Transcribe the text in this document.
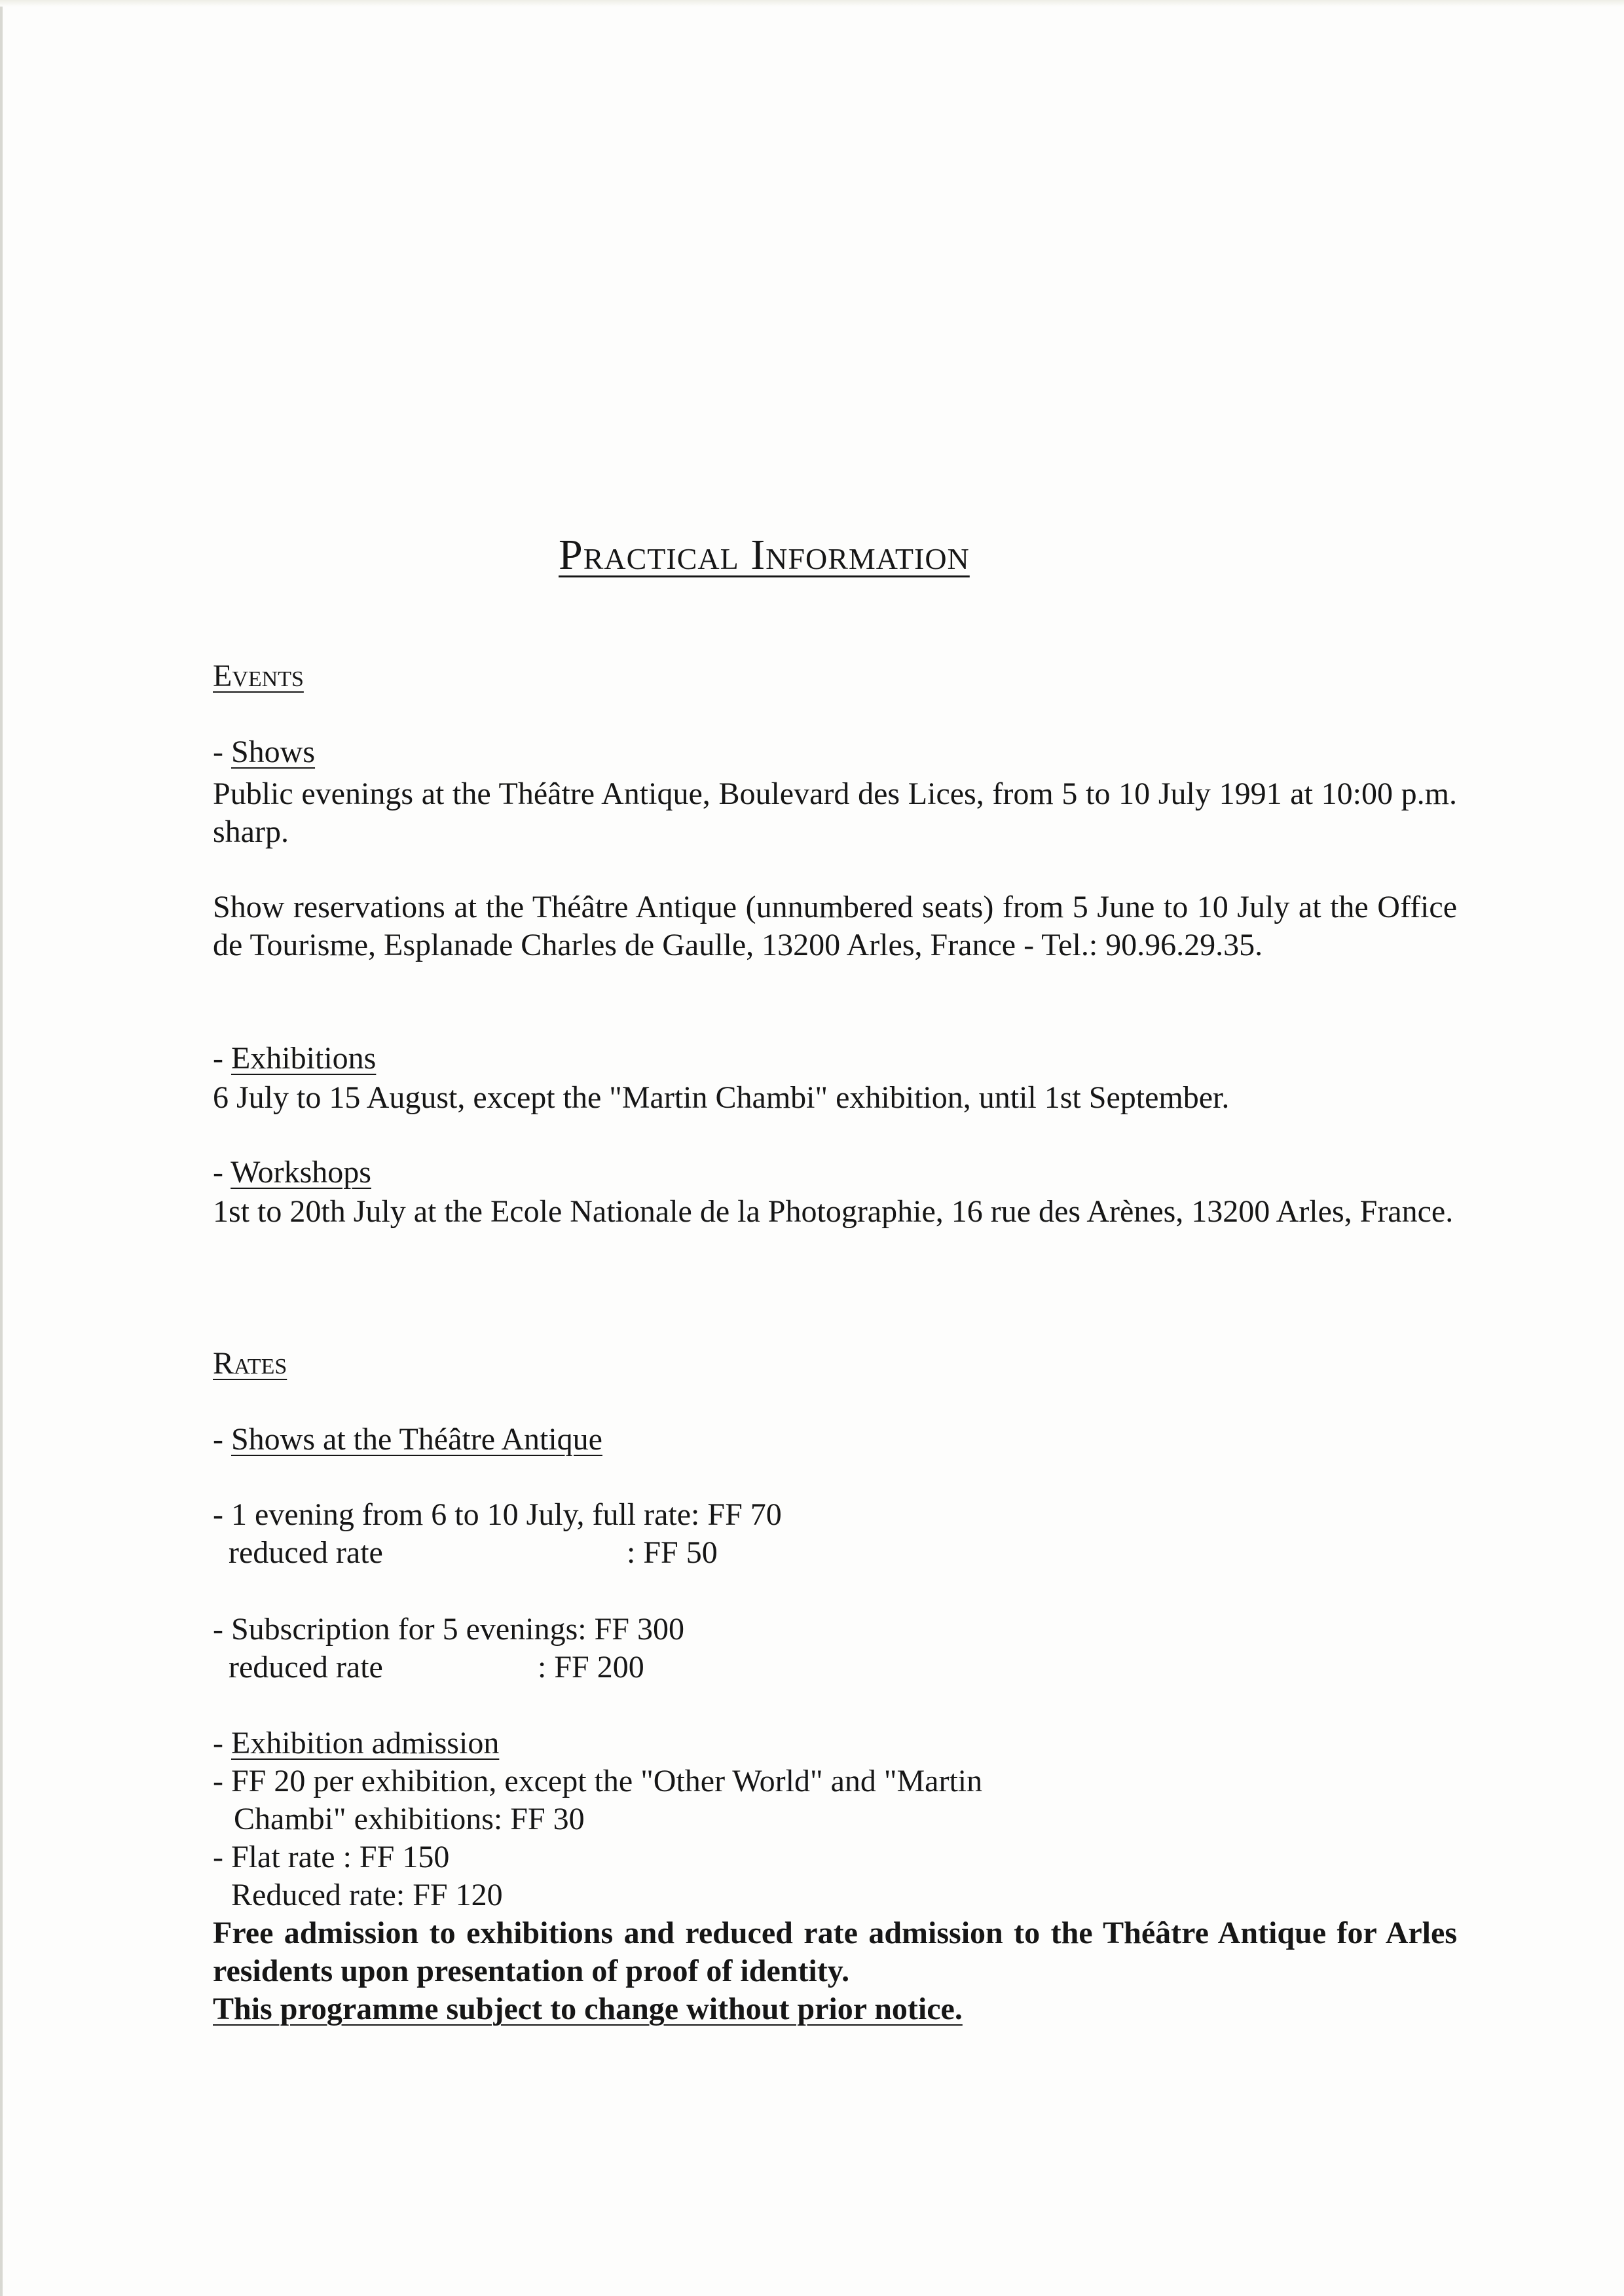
Practical Information
Events
- Shows
Public evenings at the Théâtre Antique, Boulevard des Lices, from 5 to 10 July 1991 at 10:00 p.m. sharp.
Show reservations at the Théâtre Antique (unnumbered seats) from 5 June to 10 July at the Office de Tourisme, Esplanade Charles de Gaulle, 13200 Arles, France - Tel.: 90.96.29.35.
- Exhibitions
6 July to 15 August, except the "Martin Chambi" exhibition, until 1st September.
- Workshops
1st to 20th July at the Ecole Nationale de la Photographie, 16 rue des Arènes, 13200 Arles, France.
Rates
- Shows at the Théâtre Antique
- 1 evening from 6 to 10 July, full rate: FF 70
reduced rate	: FF 50
- Subscription for 5 evenings: FF 300
reduced rate	: FF 200
- Exhibition admission
- FF 20 per exhibition, except the "Other World" and "Martin
Chambi" exhibitions: FF 30
- Flat rate : FF 150
Reduced rate: FF 120
Free admission to exhibitions and reduced rate admission to the Théâtre Antique for Arles residents upon presentation of proof of identity.
This programme subject to change without prior notice.
